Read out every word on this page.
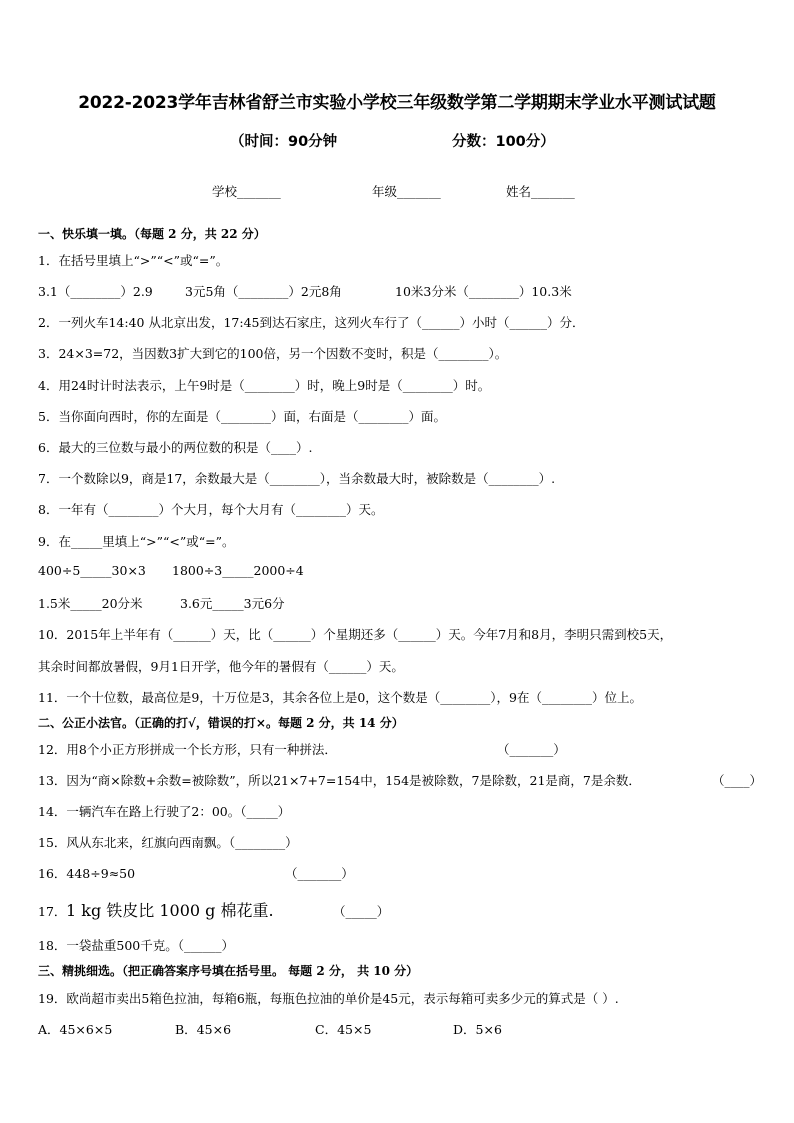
2022-2023学年吉林省舒兰市实验小学校三年级数学第二学期期末学业水平测试试题
（时间：90分钟	分数：100分）
学校_______	年级_______	姓名_______
一、快乐填一填。（每题 2 分，共 22 分）
1．在括号里填上“>”“<”或“=”。
3.1（________）2.9	3元5角（________）2元8角	10米3分米（________）10.3米
2．一列火车14:40 从北京出发，17:45到达石家庄，这列火车行了（______）小时（______）分．
3．24×3=72，当因数3扩大到它的100倍，另一个因数不变时，积是（________）。
4．用24时计时法表示，上午9时是（________）时，晚上9时是（________）时。
5．当你面向西时，你的左面是（________）面，右面是（________）面。
6．最大的三位数与最小的两位数的积是（____）.
7．一个数除以9，商是17，余数最大是（________），当余数最大时，被除数是（________）.
8．一年有（________）个大月，每个大月有（________）天。
9．在_____里填上“>”“<”或“=”。
400÷5_____30×3 1800÷3_____2000÷4
1.5米_____20分米	3.6元_____3元6分
10．2015年上半年有（______）天，比（______）个星期还多（______）天。今年7月和8月，李明只需到校5天，
其余时间都放暑假，9月1日开学，他今年的暑假有（______）天。
11．一个十位数，最高位是9，十万位是3，其余各位上是0，这个数是（________），9在（________）位上。
二、公正小法官。（正确的打√，错误的打×。每题 2 分，共 14 分）
12．用8个小正方形拼成一个长方形，只有一种拼法．	（_______）
13．因为“商×除数+余数=被除数”，所以21×7+7=154中，154是被除数，7是除数，21是商，7是余数．	（____）
14．一辆汽车在路上行驶了2：00。（_____）
15．风从东北来，红旗向西南飘。（________）
16．448÷9≈50	（_______）
17． 1 kg 铁皮比 1000 g 棉花重.	（_____）
18．一袋盐重500千克。（______）
三、精挑细选。（把正确答案序号填在括号里。 每题 2 分， 共 10 分）
19．欧尚超市卖出5箱色拉油，每箱6瓶，每瓶色拉油的单价是45元，表示每箱可卖多少元的算式是（ ）.
A．45×6×5	B．45×6	C．45×5	D．5×6
